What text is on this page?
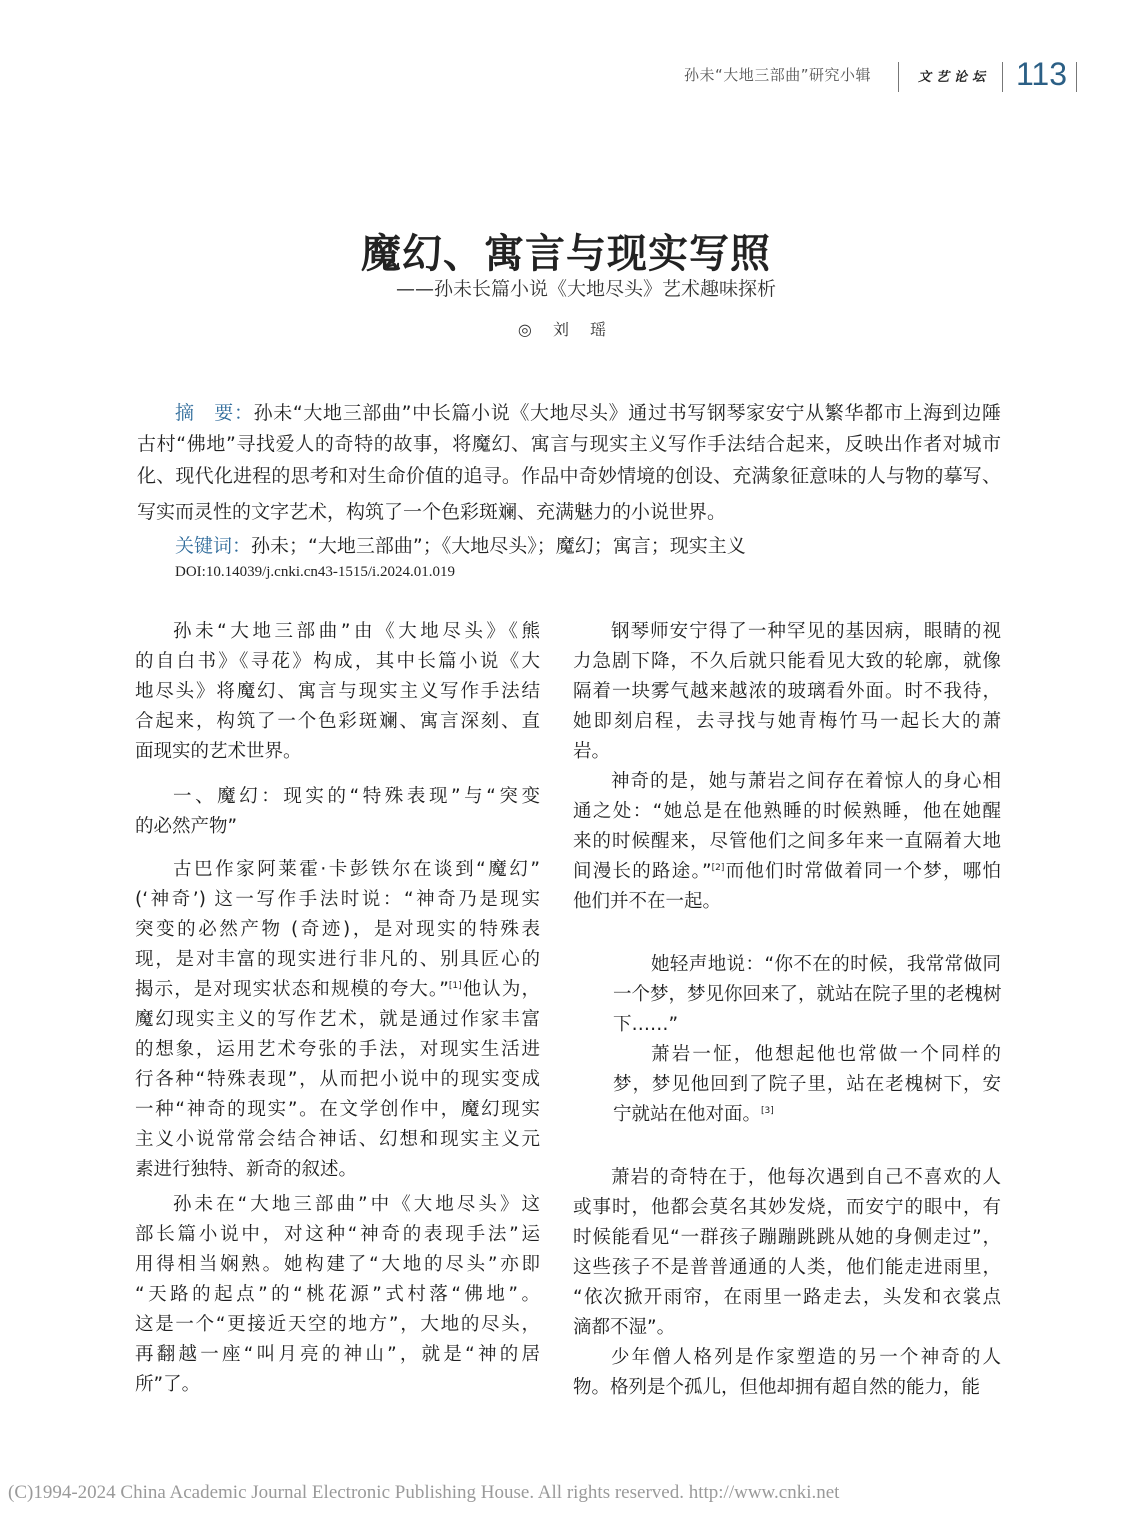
孙未“大地三部曲”研究小辑	文艺论坛 113
魔幻、寓言与现实写照
——孙未长篇小说《大地尽头》艺术趣味探析
◎ 刘 瑶
摘　要：孙未“大地三部曲”中长篇小说《大地尽头》通过书写钢琴家安宁从繁华都市上海到边陲
古村“佛地”寻找爱人的奇特的故事，将魔幻、寓言与现实主义写作手法结合起来，反映出作者对城市
化、现代化进程的思考和对生命价值的追寻。作品中奇妙情境的创设、充满象征意味的人与物的摹写、
写实而灵性的文字艺术，构筑了一个色彩斑斓、充满魅力的小说世界。
关键词：孙未；“大地三部曲”；《大地尽头》；魔幻；寓言；现实主义
DOI:10.14039/j.cnki.cn43-1515/i.2024.01.019
孙未“大地三部曲”由《大地尽头》《熊
的自白书》《寻花》构成，其中长篇小说《大
地尽头》将魔幻、寓言与现实主义写作手法结
合起来，构筑了一个色彩斑斓、寓言深刻、直
面现实的艺术世界。
一、魔幻：现实的“特殊表现”与“突变
的必然产物”
古巴作家阿莱霍·卡彭铁尔在谈到“魔幻”
(‘神奇’) 这一写作手法时说：“神奇乃是现实
突变的必然产物 (奇迹)，是对现实的特殊表
现，是对丰富的现实进行非凡的、别具匠心的
揭示，是对现实状态和规模的夸大。”[1]他认为，
魔幻现实主义的写作艺术，就是通过作家丰富
的想象，运用艺术夸张的手法，对现实生活进
行各种“特殊表现”，从而把小说中的现实变成
一种“神奇的现实”。在文学创作中，魔幻现实
主义小说常常会结合神话、幻想和现实主义元
素进行独特、新奇的叙述。
孙未在“大地三部曲”中《大地尽头》这
部长篇小说中，对这种“神奇的表现手法”运
用得相当娴熟。她构建了“大地的尽头”亦即
“天路的起点”的“桃花源”式村落“佛地”。
这是一个“更接近天空的地方”，大地的尽头，
再翻越一座“叫月亮的神山”，就是“神的居
所”了。
钢琴师安宁得了一种罕见的基因病，眼睛的视
力急剧下降，不久后就只能看见大致的轮廓，就像
隔着一块雾气越来越浓的玻璃看外面。时不我待，
她即刻启程，去寻找与她青梅竹马一起长大的萧
岩。
神奇的是，她与萧岩之间存在着惊人的身心相
通之处：“她总是在他熟睡的时候熟睡，他在她醒
来的时候醒来，尽管他们之间多年来一直隔着大地
间漫长的路途。”[2]而他们时常做着同一个梦，哪怕
他们并不在一起。
她轻声地说：“你不在的时候，我常常做同
一个梦，梦见你回来了，就站在院子里的老槐树
下……”
萧岩一怔，他想起他也常做一个同样的
梦，梦见他回到了院子里，站在老槐树下，安
宁就站在他对面。[3]
萧岩的奇特在于，他每次遇到自己不喜欢的人
或事时，他都会莫名其妙发烧，而安宁的眼中，有
时候能看见“一群孩子蹦蹦跳跳从她的身侧走过”，
这些孩子不是普普通通的人类，他们能走进雨里，
“依次掀开雨帘，在雨里一路走去，头发和衣裳点
滴都不湿”。
少年僧人格列是作家塑造的另一个神奇的人
物。格列是个孤儿，但他却拥有超自然的能力，能
(C)1994-2024 China Academic Journal Electronic Publishing House. All rights reserved. http://www.cnki.net
